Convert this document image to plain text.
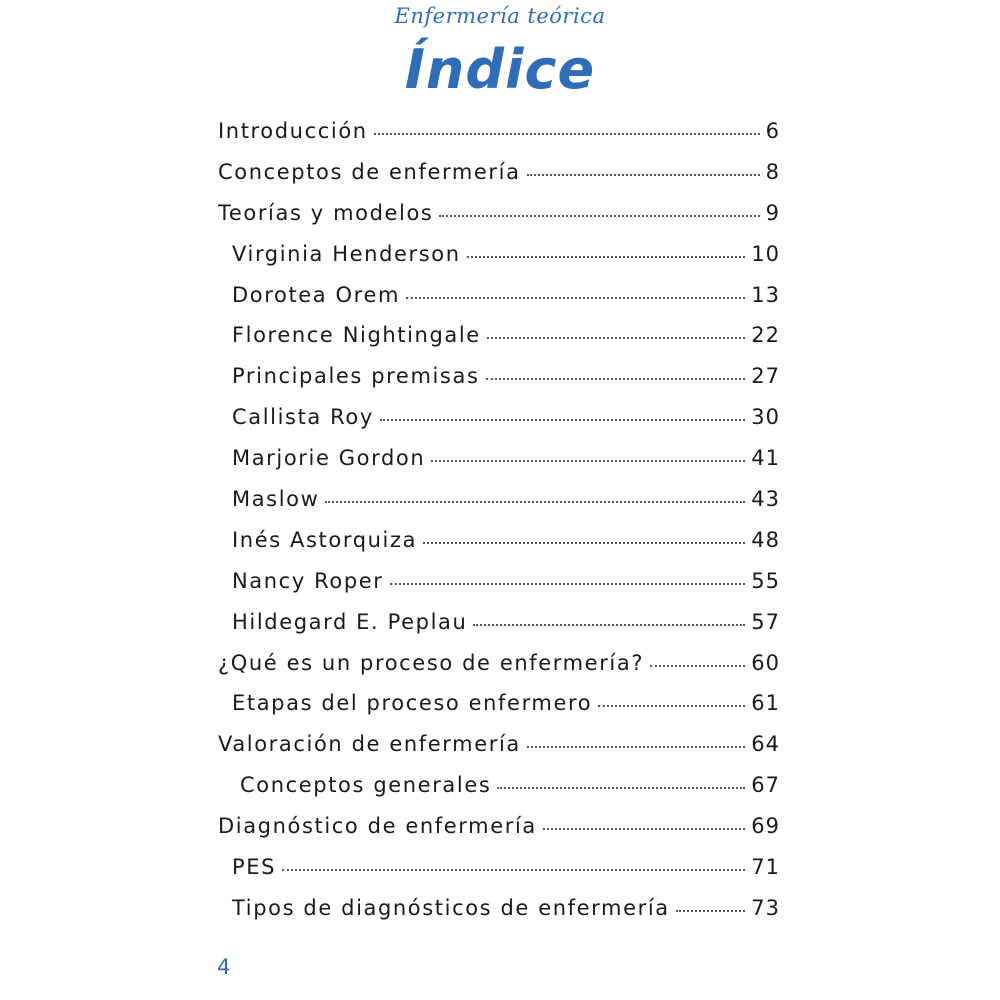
Enfermería teórica
Índice
Introducción	6
Conceptos de enfermería	8
Teorías y modelos	9
Virginia Henderson	10
Dorotea Orem	13
Florence Nightingale	22
Principales premisas	27
Callista Roy	30
Marjorie Gordon	41
Maslow	43
Inés Astorquiza	48
Nancy Roper	55
Hildegard E. Peplau	57
¿Qué es un proceso de enfermería?	60
Etapas del proceso enfermero	61
Valoración de enfermería	64
Conceptos generales	67
Diagnóstico de enfermería	69
PES	71
Tipos de diagnósticos de enfermería	73
4
